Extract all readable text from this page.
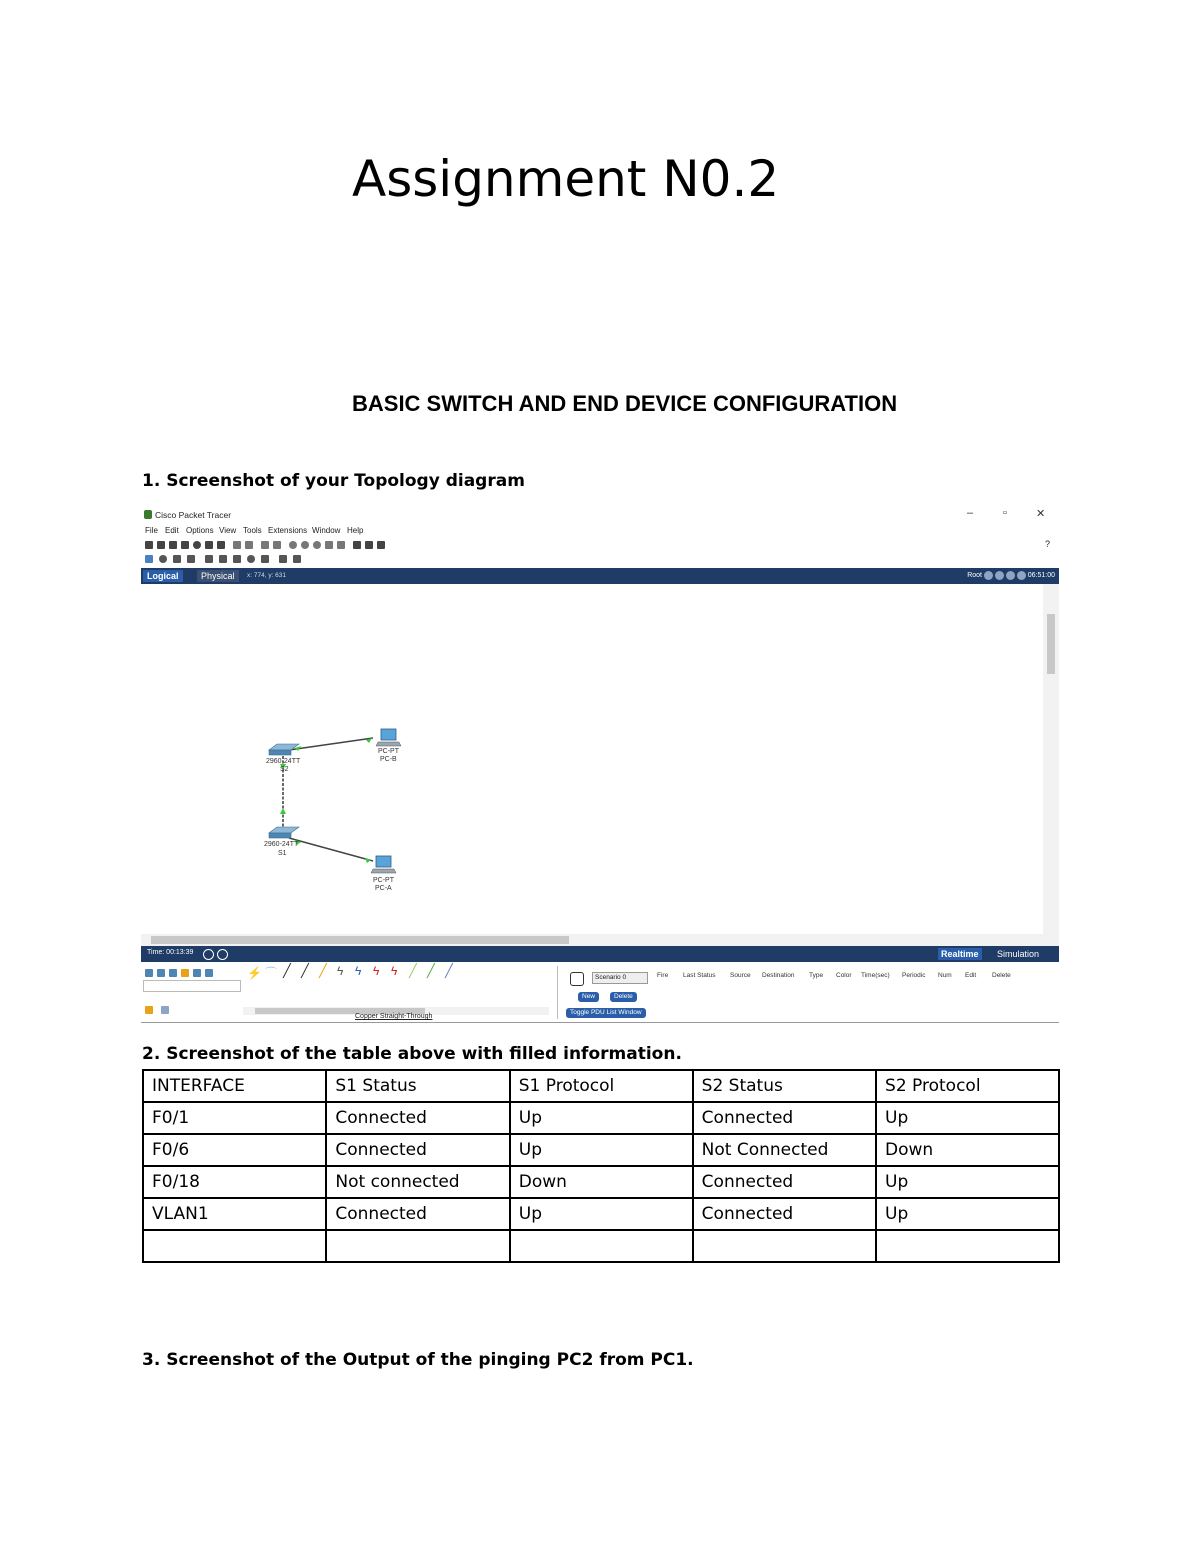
Assignment N0.2
BASIC SWITCH AND END DEVICE CONFIGURATION
1. Screenshot of your Topology diagram
Cisco Packet Tracer	–	▫	✕
File Edit Options View Tools Extensions Window Help
?
Logical	Physical	x: 774, y: 631	Root	06:51:00
2960-24TT
S2
PC-PT
PC-B
2960-24TT
S1
PC-PT
PC-A
Time: 00:13:39	Realtime	Simulation
⚡ ⌒ ╱ ╱ ╱ ϟ ϟ ϟ ϟ ╱ ╱ ╱
Copper Straight-Through
Scenario 0
New	Delete
Toggle PDU List Window
Fire Last Status Source Destination Type Color Time(sec) Periodic Num Edit Delete
2. Screenshot of the table above with filled information.
INTERFACE	S1 Status	S1 Protocol	S2 Status	S2 Protocol
F0/1	Connected	Up	Connected	Up
F0/6	Connected	Up	Not Connected	Down
F0/18	Not connected	Down	Connected	Up
VLAN1	Connected	Up	Connected	Up

3. Screenshot of the Output of the pinging PC2 from PC1.
